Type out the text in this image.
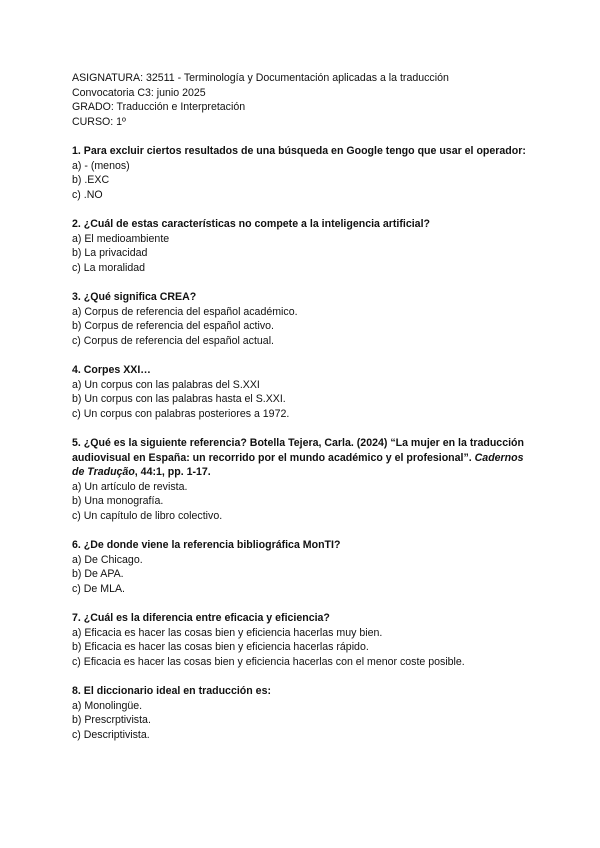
ASIGNATURA: 32511 - Terminología y Documentación aplicadas a la traducción
Convocatoria C3: junio 2025
GRADO: Traducción e Interpretación
CURSO: 1º
1. Para excluir ciertos resultados de una búsqueda en Google tengo que usar el operador:
a) - (menos)
b) .EXC
c) .NO
2. ¿Cuál de estas características no compete a la inteligencia artificial?
a) El medioambiente
b) La privacidad
c) La moralidad
3. ¿Qué significa CREA?
a) Corpus de referencia del español académico.
b) Corpus de referencia del español activo.
c) Corpus de referencia del español actual.
4. Corpes XXI…
a) Un corpus con las palabras del S.XXI
b) Un corpus con las palabras hasta el S.XXI.
c) Un corpus con palabras posteriores a 1972.
5. ¿Qué es la siguiente referencia? Botella Tejera, Carla. (2024) “La mujer en la traducción audiovisual en España: un recorrido por el mundo académico y el profesional”. Cadernos de Tradução, 44:1, pp. 1-17.
a) Un artículo de revista.
b) Una monografía.
c) Un capítulo de libro colectivo.
6. ¿De donde viene la referencia bibliográfica MonTI?
a) De Chicago.
b) De APA.
c) De MLA.
7. ¿Cuál es la diferencia entre eficacia y eficiencia?
a) Eficacia es hacer las cosas bien y eficiencia hacerlas muy bien.
b) Eficacia es hacer las cosas bien y eficiencia hacerlas rápido.
c) Eficacia es hacer las cosas bien y eficiencia hacerlas con el menor coste posible.
8. El diccionario ideal en traducción es:
a) Monolingüe.
b) Prescrptivista.
c) Descriptivista.
